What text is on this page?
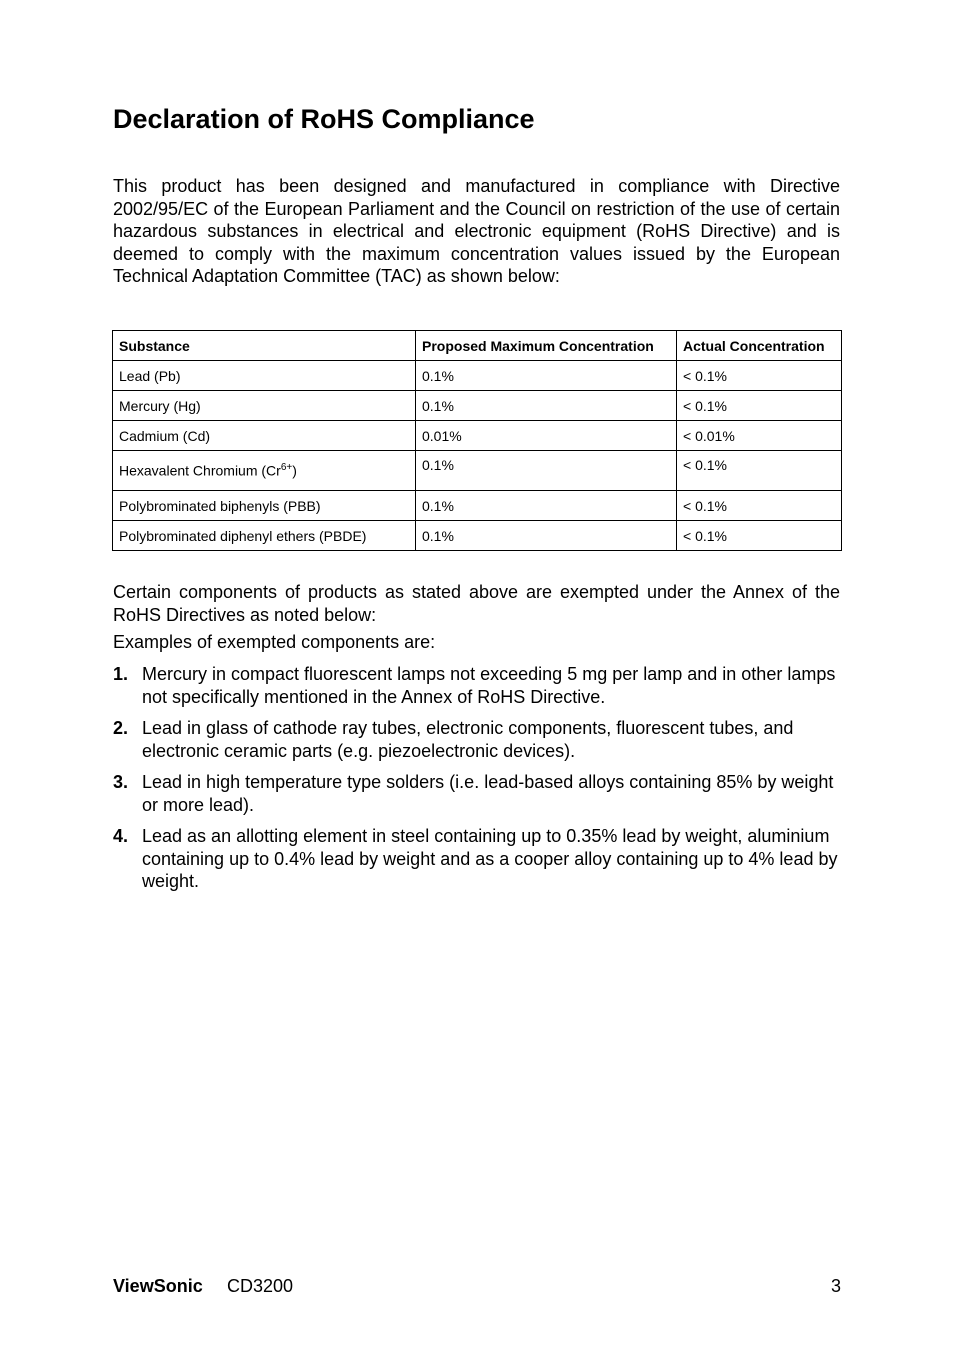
Declaration of RoHS Compliance

This product has been designed and manufactured in compliance with Directive 2002/95/EC of the European Parliament and the Council on restriction of the use of certain hazardous substances in electrical and electronic equipment (RoHS Directive) and is deemed to comply with the maximum concentration values issued by the European Technical Adaptation Committee (TAC) as shown below:

Substance	Proposed Maximum Concentration	Actual Concentration
Lead (Pb)	0.1%	< 0.1%
Mercury (Hg)	0.1%	< 0.1%
Cadmium (Cd)	0.01%	< 0.01%
Hexavalent Chromium $(Cr^{6+})$	0.1%	< 0.1%
Polybrominated biphenyls (PBB)	0.1%	< 0.1%
Polybrominated diphenyl ethers (PBDE)	0.1%	< 0.1%

Certain components of products as stated above are exempted under the Annex of the RoHS Directives as noted below:

Examples of exempted components are:

1. Mercury in compact fluorescent lamps not exceeding 5 mg per lamp and in other lamps not specifically mentioned in the Annex of RoHS Directive.
2. Lead in glass of cathode ray tubes, electronic components, fluorescent tubes, and electronic ceramic parts (e.g. piezoelectronic devices).
3. Lead in high temperature type solders (i.e. lead-based alloys containing 85% by weight or more lead).
4. Lead as an allotting element in steel containing up to 0.35% lead by weight, aluminium containing up to 0.4% lead by weight and as a cooper alloy containing up to 4% lead by weight.
ViewSonic CD3200	3
